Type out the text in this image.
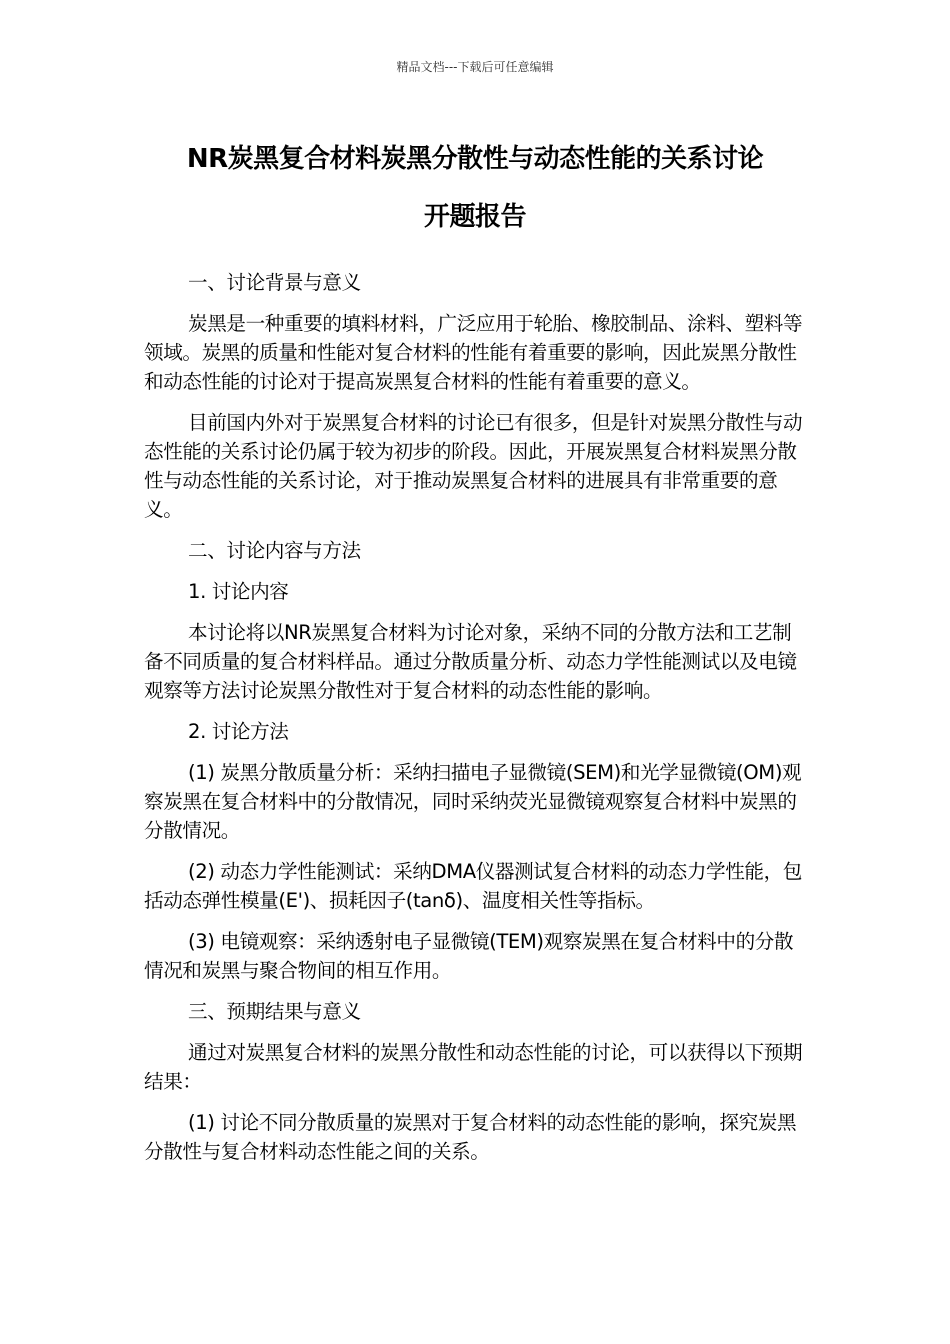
精品文档---下载后可任意编辑
NR炭黑复合材料炭黑分散性与动态性能的关系讨论
开题报告

一、讨论背景与意义

炭黑是一种重要的填料材料，广泛应用于轮胎、橡胶制品、涂料、塑料等领域。炭黑的质量和性能对复合材料的性能有着重要的影响，因此炭黑分散性和动态性能的讨论对于提高炭黑复合材料的性能有着重要的意义。

目前国内外对于炭黑复合材料的讨论已有很多，但是针对炭黑分散性与动态性能的关系讨论仍属于较为初步的阶段。因此，开展炭黑复合材料炭黑分散性与动态性能的关系讨论，对于推动炭黑复合材料的进展具有非常重要的意义。

二、讨论内容与方法

1. 讨论内容

本讨论将以NR炭黑复合材料为讨论对象，采纳不同的分散方法和工艺制备不同质量的复合材料样品。通过分散质量分析、动态力学性能测试以及电镜观察等方法讨论炭黑分散性对于复合材料的动态性能的影响。

2. 讨论方法

(1) 炭黑分散质量分析：采纳扫描电子显微镜(SEM)和光学显微镜(OM)观察炭黑在复合材料中的分散情况，同时采纳荧光显微镜观察复合材料中炭黑的分散情况。

(2) 动态力学性能测试：采纳DMA仪器测试复合材料的动态力学性能，包括动态弹性模量(E')、损耗因子(tanδ)、温度相关性等指标。

(3) 电镜观察：采纳透射电子显微镜(TEM)观察炭黑在复合材料中的分散情况和炭黑与聚合物间的相互作用。

三、预期结果与意义

通过对炭黑复合材料的炭黑分散性和动态性能的讨论，可以获得以下预期结果：

(1) 讨论不同分散质量的炭黑对于复合材料的动态性能的影响，探究炭黑分散性与复合材料动态性能之间的关系。
